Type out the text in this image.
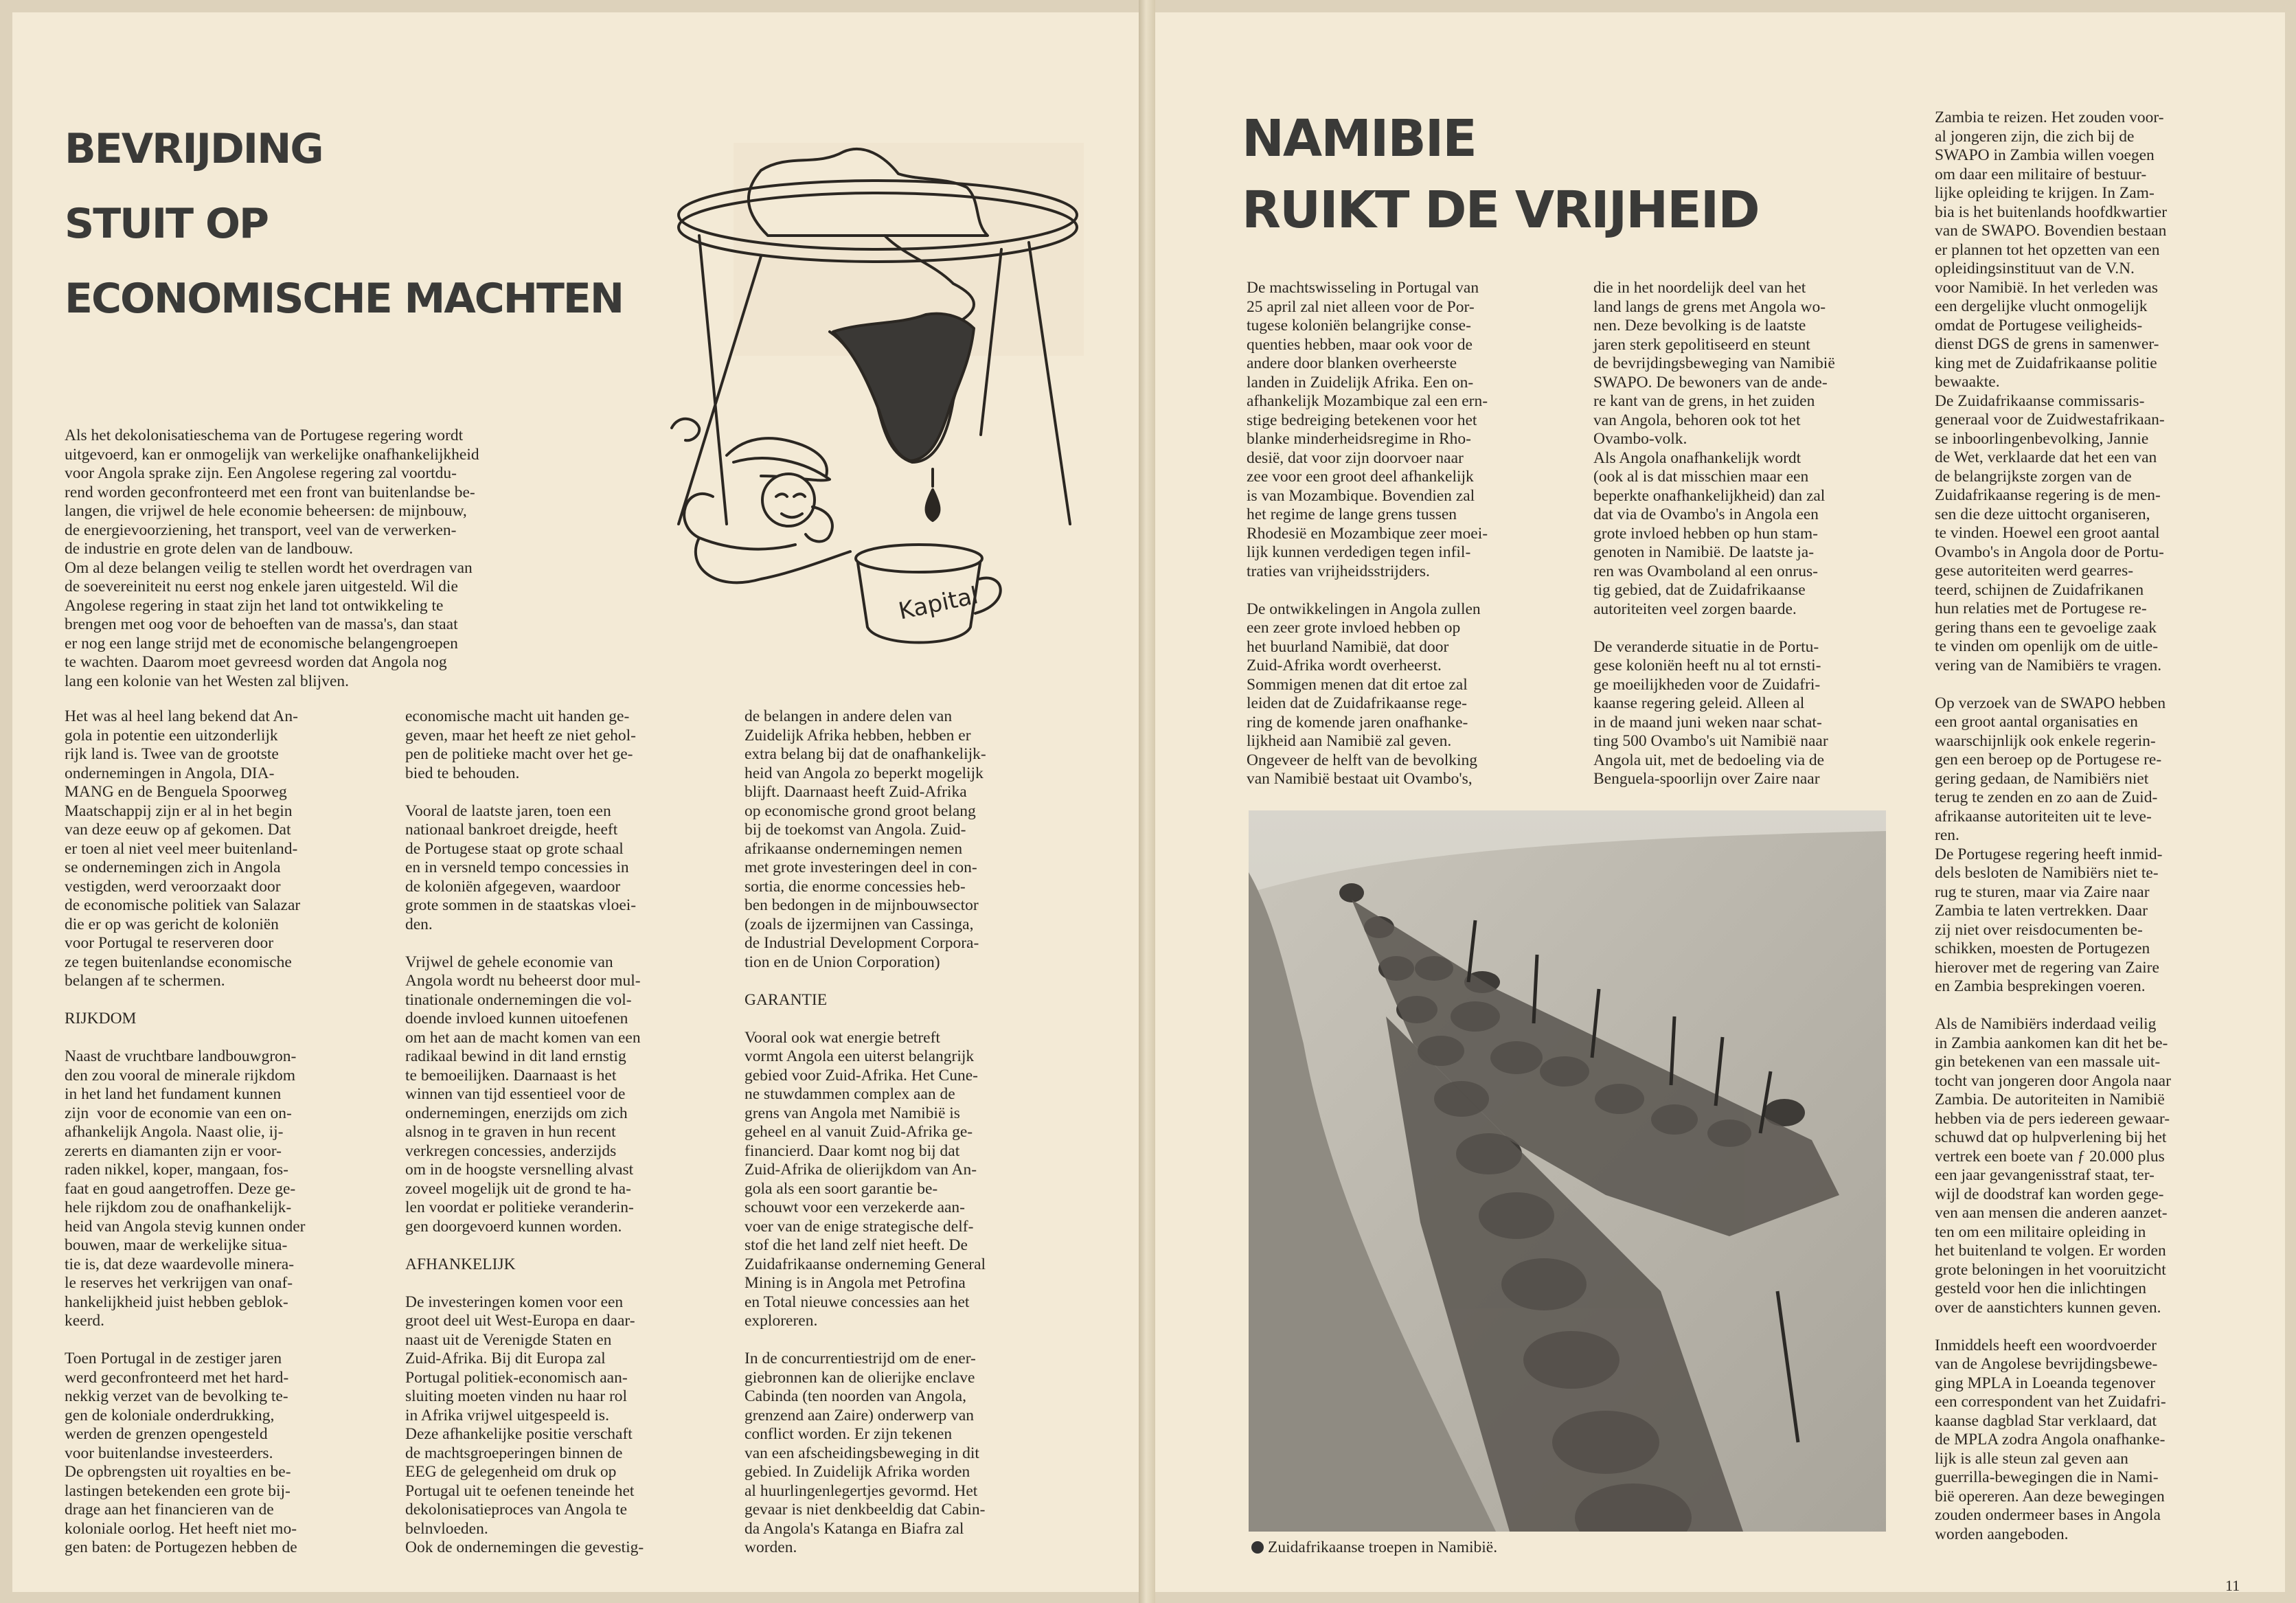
BEVRIJDING
STUIT OP
ECONOMISCHE MACHTEN
Kapital
Als het dekolonisatieschema van de Portugese regering wordt
uitgevoerd, kan er onmogelijk van werkelijke onafhankelijkheid
voor Angola sprake zijn. Een Angolese regering zal voortdu-
rend worden geconfronteerd met een front van buitenlandse be-
langen, die vrijwel de hele economie beheersen: de mijnbouw,
de energievoorziening, het transport, veel van de verwerken-
de industrie en grote delen van de landbouw.
Om al deze belangen veilig te stellen wordt het overdragen van
de soevereiniteit nu eerst nog enkele jaren uitgesteld. Wil die
Angolese regering in staat zijn het land tot ontwikkeling te
brengen met oog voor de behoeften van de massa's, dan staat
er nog een lange strijd met de economische belangengroepen
te wachten. Daarom moet gevreesd worden dat Angola nog
lang een kolonie van het Westen zal blijven.
Het was al heel lang bekend dat An-
gola in potentie een uitzonderlijk
rijk land is. Twee van de grootste
ondernemingen in Angola, DIA-
MANG en de Benguela Spoorweg
Maatschappij zijn er al in het begin
van deze eeuw op af gekomen. Dat
er toen al niet veel meer buitenland-
se ondernemingen zich in Angola
vestigden, werd veroorzaakt door
de economische politiek van Salazar
die er op was gericht de koloniën
voor Portugal te reserveren door
ze tegen buitenlandse economische
belangen af te schermen.

RIJKDOM

Naast de vruchtbare landbouwgron-
den zou vooral de minerale rijkdom
in het land het fundament kunnen
zijn  voor de economie van een on-
afhankelijk Angola. Naast olie, ij-
zererts en diamanten zijn er voor-
raden nikkel, koper, mangaan, fos-
faat en goud aangetroffen. Deze ge-
hele rijkdom zou de onafhankelijk-
heid van Angola stevig kunnen onder
bouwen, maar de werkelijke situa-
tie is, dat deze waardevolle minera-
le reserves het verkrijgen van onaf-
hankelijkheid juist hebben geblok-
keerd.

Toen Portugal in de zestiger jaren
werd geconfronteerd met het hard-
nekkig verzet van de bevolking te-
gen de koloniale onderdrukking,
werden de grenzen opengesteld
voor buitenlandse investeerders.
De opbrengsten uit royalties en be-
lastingen betekenden een grote bij-
drage aan het financieren van de
koloniale oorlog. Het heeft niet mo-
gen baten: de Portugezen hebben de
economische macht uit handen ge-
geven, maar het heeft ze niet gehol-
pen de politieke macht over het ge-
bied te behouden.

Vooral de laatste jaren, toen een
nationaal bankroet dreigde, heeft
de Portugese staat op grote schaal
en in versneld tempo concessies in
de koloniën afgegeven, waardoor
grote sommen in de staatskas vloei-
den.

Vrijwel de gehele economie van
Angola wordt nu beheerst door mul-
tinationale ondernemingen die vol-
doende invloed kunnen uitoefenen
om het aan de macht komen van een
radikaal bewind in dit land ernstig
te bemoeilijken. Daarnaast is het
winnen van tijd essentieel voor de
ondernemingen, enerzijds om zich
alsnog in te graven in hun recent
verkregen concessies, anderzijds
om in de hoogste versnelling alvast
zoveel mogelijk uit de grond te ha-
len voordat er politieke veranderin-
gen doorgevoerd kunnen worden.

AFHANKELIJK

De investeringen komen voor een
groot deel uit West-Europa en daar-
naast uit de Verenigde Staten en
Zuid-Afrika. Bij dit Europa zal
Portugal politiek-economisch aan-
sluiting moeten vinden nu haar rol
in Afrika vrijwel uitgespeeld is.
Deze afhankelijke positie verschaft
de machtsgroeperingen binnen de
EEG de gelegenheid om druk op
Portugal uit te oefenen teneinde het
dekolonisatieproces van Angola te
belnvloeden.
Ook de ondernemingen die gevestig-
de belangen in andere delen van
Zuidelijk Afrika hebben, hebben er
extra belang bij dat de onafhankelijk-
heid van Angola zo beperkt mogelijk
blijft. Daarnaast heeft Zuid-Afrika
op economische grond groot belang
bij de toekomst van Angola. Zuid-
afrikaanse ondernemingen nemen
met grote investeringen deel in con-
sortia, die enorme concessies heb-
ben bedongen in de mijnbouwsector
(zoals de ijzermijnen van Cassinga,
de Industrial Development Corpora-
tion en de Union Corporation)

GARANTIE

Vooral ook wat energie betreft
vormt Angola een uiterst belangrijk
gebied voor Zuid-Afrika. Het Cune-
ne stuwdammen complex aan de
grens van Angola met Namibië is
geheel en al vanuit Zuid-Afrika ge-
financierd. Daar komt nog bij dat
Zuid-Afrika de olierijkdom van An-
gola als een soort garantie be-
schouwt voor een verzekerde aan-
voer van de enige strategische delf-
stof die het land zelf niet heeft. De
Zuidafrikaanse onderneming General
Mining is in Angola met Petrofina
en Total nieuwe concessies aan het
exploreren.

In de concurrentiestrijd om de ener-
giebronnen kan de olierijke enclave
Cabinda (ten noorden van Angola,
grenzend aan Zaire) onderwerp van
conflict worden. Er zijn tekenen
van een afscheidingsbeweging in dit
gebied. In Zuidelijk Afrika worden
al huurlingenlegertjes gevormd. Het
gevaar is niet denkbeeldig dat Cabin-
da Angola's Katanga en Biafra zal
worden.
NAMIBIE
RUIKT DE VRIJHEID
De machtswisseling in Portugal van
25 april zal niet alleen voor de Por-
tugese koloniën belangrijke conse-
quenties hebben, maar ook voor de
andere door blanken overheerste
landen in Zuidelijk Afrika. Een on-
afhankelijk Mozambique zal een ern-
stige bedreiging betekenen voor het
blanke minderheidsregime in Rho-
desië, dat voor zijn doorvoer naar
zee voor een groot deel afhankelijk
is van Mozambique. Bovendien zal
het regime de lange grens tussen
Rhodesië en Mozambique zeer moei-
lijk kunnen verdedigen tegen infil-
traties van vrijheidsstrijders.

De ontwikkelingen in Angola zullen
een zeer grote invloed hebben op
het buurland Namibië, dat door
Zuid-Afrika wordt overheerst.
Sommigen menen dat dit ertoe zal
leiden dat de Zuidafrikaanse rege-
ring de komende jaren onafhanke-
lijkheid aan Namibië zal geven.
Ongeveer de helft van de bevolking
van Namibië bestaat uit Ovambo's,
die in het noordelijk deel van het
land langs de grens met Angola wo-
nen. Deze bevolking is de laatste
jaren sterk gepolitiseerd en steunt
de bevrijdingsbeweging van Namibië
SWAPO. De bewoners van de ande-
re kant van de grens, in het zuiden
van Angola, behoren ook tot het
Ovambo-volk.
Als Angola onafhankelijk wordt
(ook al is dat misschien maar een
beperkte onafhankelijkheid) dan zal
dat via de Ovambo's in Angola een
grote invloed hebben op hun stam-
genoten in Namibië. De laatste ja-
ren was Ovamboland al een onrus-
tig gebied, dat de Zuidafrikaanse
autoriteiten veel zorgen baarde.

De veranderde situatie in de Portu-
gese koloniën heeft nu al tot ernsti-
ge moeilijkheden voor de Zuidafri-
kaanse regering geleid. Alleen al
in de maand juni weken naar schat-
ting 500 Ovambo's uit Namibië naar
Angola uit, met de bedoeling via de
Benguela-spoorlijn over Zaire naar
Zambia te reizen. Het zouden voor-
al jongeren zijn, die zich bij de
SWAPO in Zambia willen voegen
om daar een militaire of bestuur-
lijke opleiding te krijgen. In Zam-
bia is het buitenlands hoofdkwartier
van de SWAPO. Bovendien bestaan
er plannen tot het opzetten van een
opleidingsinstituut van de V.N.
voor Namibië. In het verleden was
een dergelijke vlucht onmogelijk
omdat de Portugese veiligheids-
dienst DGS de grens in samenwer-
king met de Zuidafrikaanse politie
bewaakte.
De Zuidafrikaanse commissaris-
generaal voor de Zuidwestafrikaan-
se inboorlingenbevolking, Jannie
de Wet, verklaarde dat het een van
de belangrijkste zorgen van de
Zuidafrikaanse regering is de men-
sen die deze uittocht organiseren,
te vinden. Hoewel een groot aantal
Ovambo's in Angola door de Portu-
gese autoriteiten werd gearres-
teerd, schijnen de Zuidafrikanen
hun relaties met de Portugese re-
gering thans een te gevoelige zaak
te vinden om openlijk om de uitle-
vering van de Namibiërs te vragen.

Op verzoek van de SWAPO hebben
een groot aantal organisaties en
waarschijnlijk ook enkele regerin-
gen een beroep op de Portugese re-
gering gedaan, de Namibiërs niet
terug te zenden en zo aan de Zuid-
afrikaanse autoriteiten uit te leve-
ren.
De Portugese regering heeft inmid-
dels besloten de Namibiërs niet te-
rug te sturen, maar via Zaire naar
Zambia te laten vertrekken. Daar
zij niet over reisdocumenten be-
schikken, moesten de Portugezen
hierover met de regering van Zaire
en Zambia besprekingen voeren.

Als de Namibiërs inderdaad veilig
in Zambia aankomen kan dit het be-
gin betekenen van een massale uit-
tocht van jongeren door Angola naar
Zambia. De autoriteiten in Namibië
hebben via de pers iedereen gewaar-
schuwd dat op hulpverlening bij het
vertrek een boete van ƒ 20.000 plus
een jaar gevangenisstraf staat, ter-
wijl de doodstraf kan worden gege-
ven aan mensen die anderen aanzet-
ten om een militaire opleiding in
het buitenland te volgen. Er worden
grote beloningen in het vooruitzicht
gesteld voor hen die inlichtingen
over de aanstichters kunnen geven.

Inmiddels heeft een woordvoerder
van de Angolese bevrijdingsbewe-
ging MPLA in Loeanda tegenover
een correspondent van het Zuidafri-
kaanse dagblad Star verklaard, dat
de MPLA zodra Angola onafhanke-
lijk is alle steun zal geven aan
guerrilla-bewegingen die in Nami-
bië opereren. Aan deze bewegingen
zouden ondermeer bases in Angola
worden aangeboden.
Zuidafrikaanse troepen in Namibië.
11
